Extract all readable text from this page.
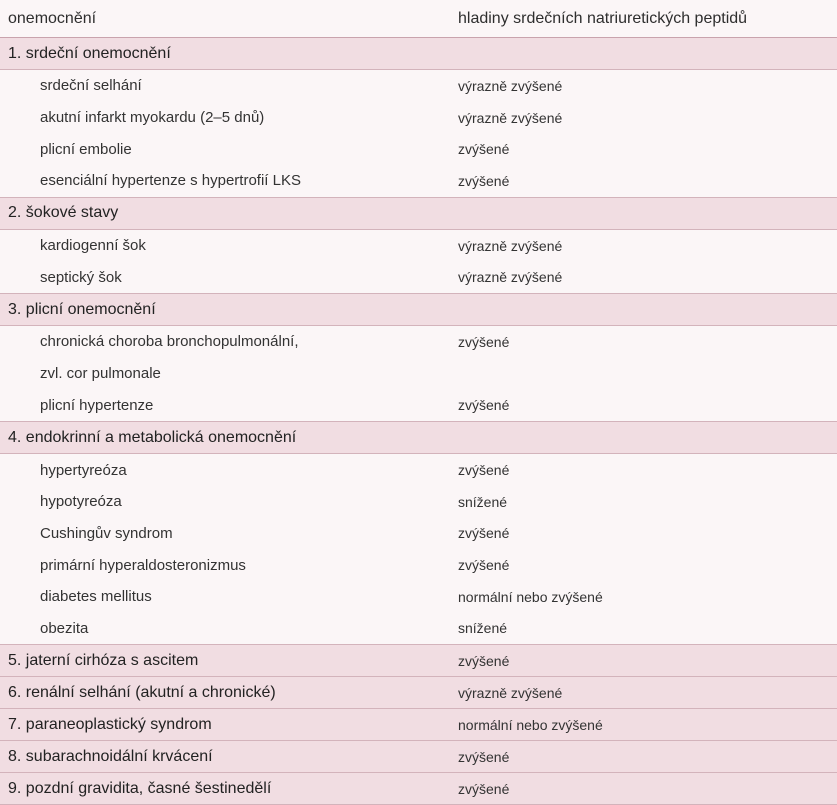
onemocnění	hladiny srdečních natriuretických peptidů
1. srdeční onemocnění	
srdeční selhání	výrazně zvýšené
akutní infarkt myokardu (2–5 dnů)	výrazně zvýšené
plicní embolie	zvýšené
esenciální hypertenze s hypertrofií LKS	zvýšené
2. šokové stavy	
kardiogenní šok	výrazně zvýšené
septický šok	výrazně zvýšené
3. plicní onemocnění	
chronická choroba bronchopulmonální,	zvýšené
zvl. cor pulmonale	
plicní hypertenze	zvýšené
4. endokrinní a metabolická onemocnění	
hypertyreóza	zvýšené
hypotyreóza	snížené
Cushingův syndrom	zvýšené
primární hyperaldosteronizmus	zvýšené
diabetes mellitus	normální nebo zvýšené
obezita	snížené
5. jaterní cirhóza s ascitem	zvýšené
6. renální selhání (akutní a chronické)	výrazně zvýšené
7. paraneoplastický syndrom	normální nebo zvýšené
8. subarachnoidální krvácení	zvýšené
9. pozdní gravidita, časné šestinedělí	zvýšené
